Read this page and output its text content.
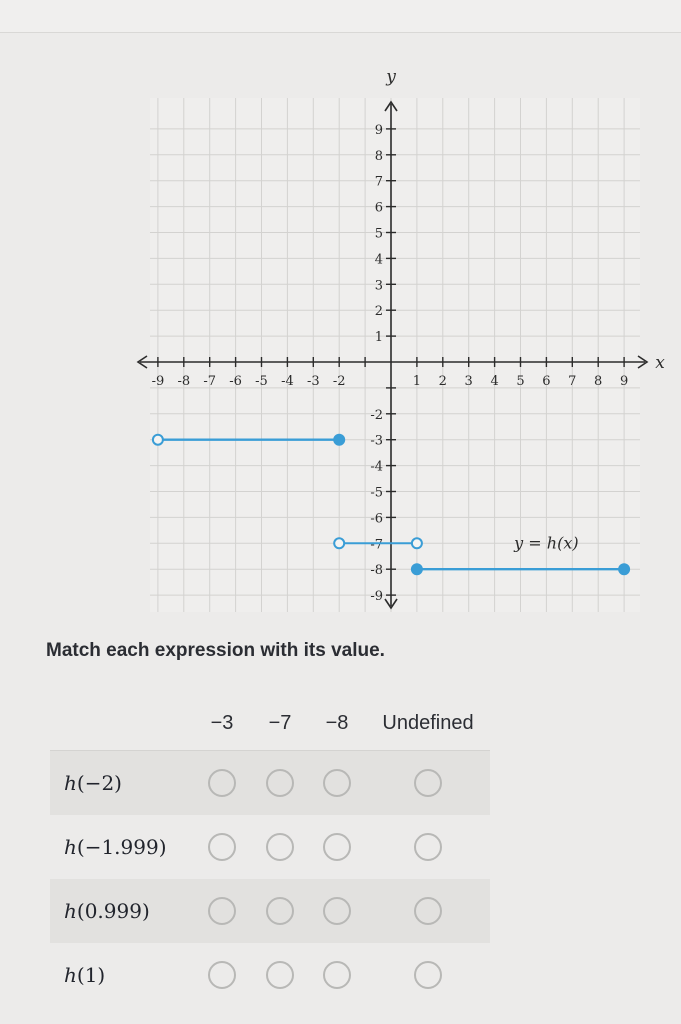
-9 -8 -7 -6 -5 -4 -3 -2	1 2 3 4 5 6 7 8 9
9
8
7
6
5
4
3
2
1
-2
-3
-4
-5
-6
-7
-8
-9
x
y
y = h(x)

Match each expression with its value.

−3 −7 −8 Undefined
h(−2)
h(−1.999)
h(0.999)
h(1)
